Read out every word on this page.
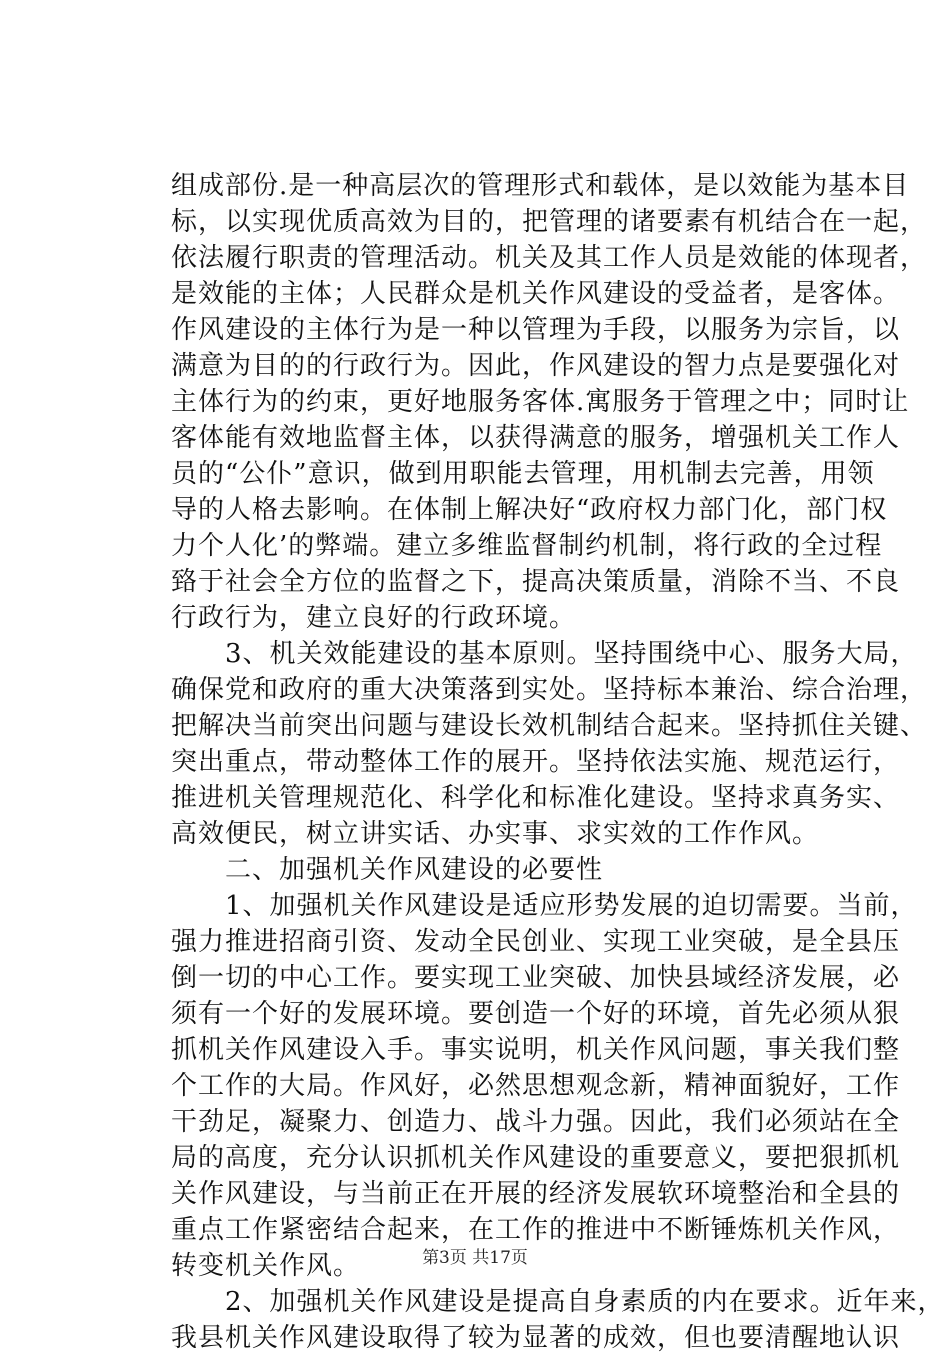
组成部份.是一种高层次的管理形式和载体，是以效能为基本目
标，以实现优质高效为目的，把管理的诸要素有机结合在一起，
依法履行职责的管理活动。机关及其工作人员是效能的体现者，
是效能的主体；人民群众是机关作风建设的受益者，是客体。
作风建设的主体行为是一种以管理为手段，以服务为宗旨，以
满意为目的的行政行为。因此，作风建设的智力点是要强化对
主体行为的约束，更好地服务客体.寓服务于管理之中；同时让
客体能有效地监督主体，以获得满意的服务，增强机关工作人
员的“公仆”意识，做到用职能去管理，用机制去完善，用领
导的人格去影响。在体制上解决好“政府权力部门化，部门权
力个人化’的弊端。建立多维监督制约机制，将行政的全过程
臵于社会全方位的监督之下，提高决策质量，消除不当、不良
行政行为，建立良好的行政环境。
3、机关效能建设的基本原则。坚持围绕中心、服务大局，
确保党和政府的重大决策落到实处。坚持标本兼治、综合治理，
把解决当前突出问题与建设长效机制结合起来。坚持抓住关键、
突出重点，带动整体工作的展开。坚持依法实施、规范运行，
推进机关管理规范化、科学化和标准化建设。坚持求真务实、
高效便民，树立讲实话、办实事、求实效的工作作风。
二、加强机关作风建设的必要性
1、加强机关作风建设是适应形势发展的迫切需要。当前，
强力推进招商引资、发动全民创业、实现工业突破，是全县压
倒一切的中心工作。要实现工业突破、加快县域经济发展，必
须有一个好的发展环境。要创造一个好的环境，首先必须从狠
抓机关作风建设入手。事实说明，机关作风问题，事关我们整
个工作的大局。作风好，必然思想观念新，精神面貌好，工作
干劲足，凝聚力、创造力、战斗力强。因此，我们必须站在全
局的高度，充分认识抓机关作风建设的重要意义，要把狠抓机
关作风建设，与当前正在开展的经济发展软环境整治和全县的
重点工作紧密结合起来，在工作的推进中不断锤炼机关作风，
转变机关作风。
2、加强机关作风建设是提高自身素质的内在要求。近年来，
我县机关作风建设取得了较为显著的成效，但也要清醒地认识
第3页 共17页
